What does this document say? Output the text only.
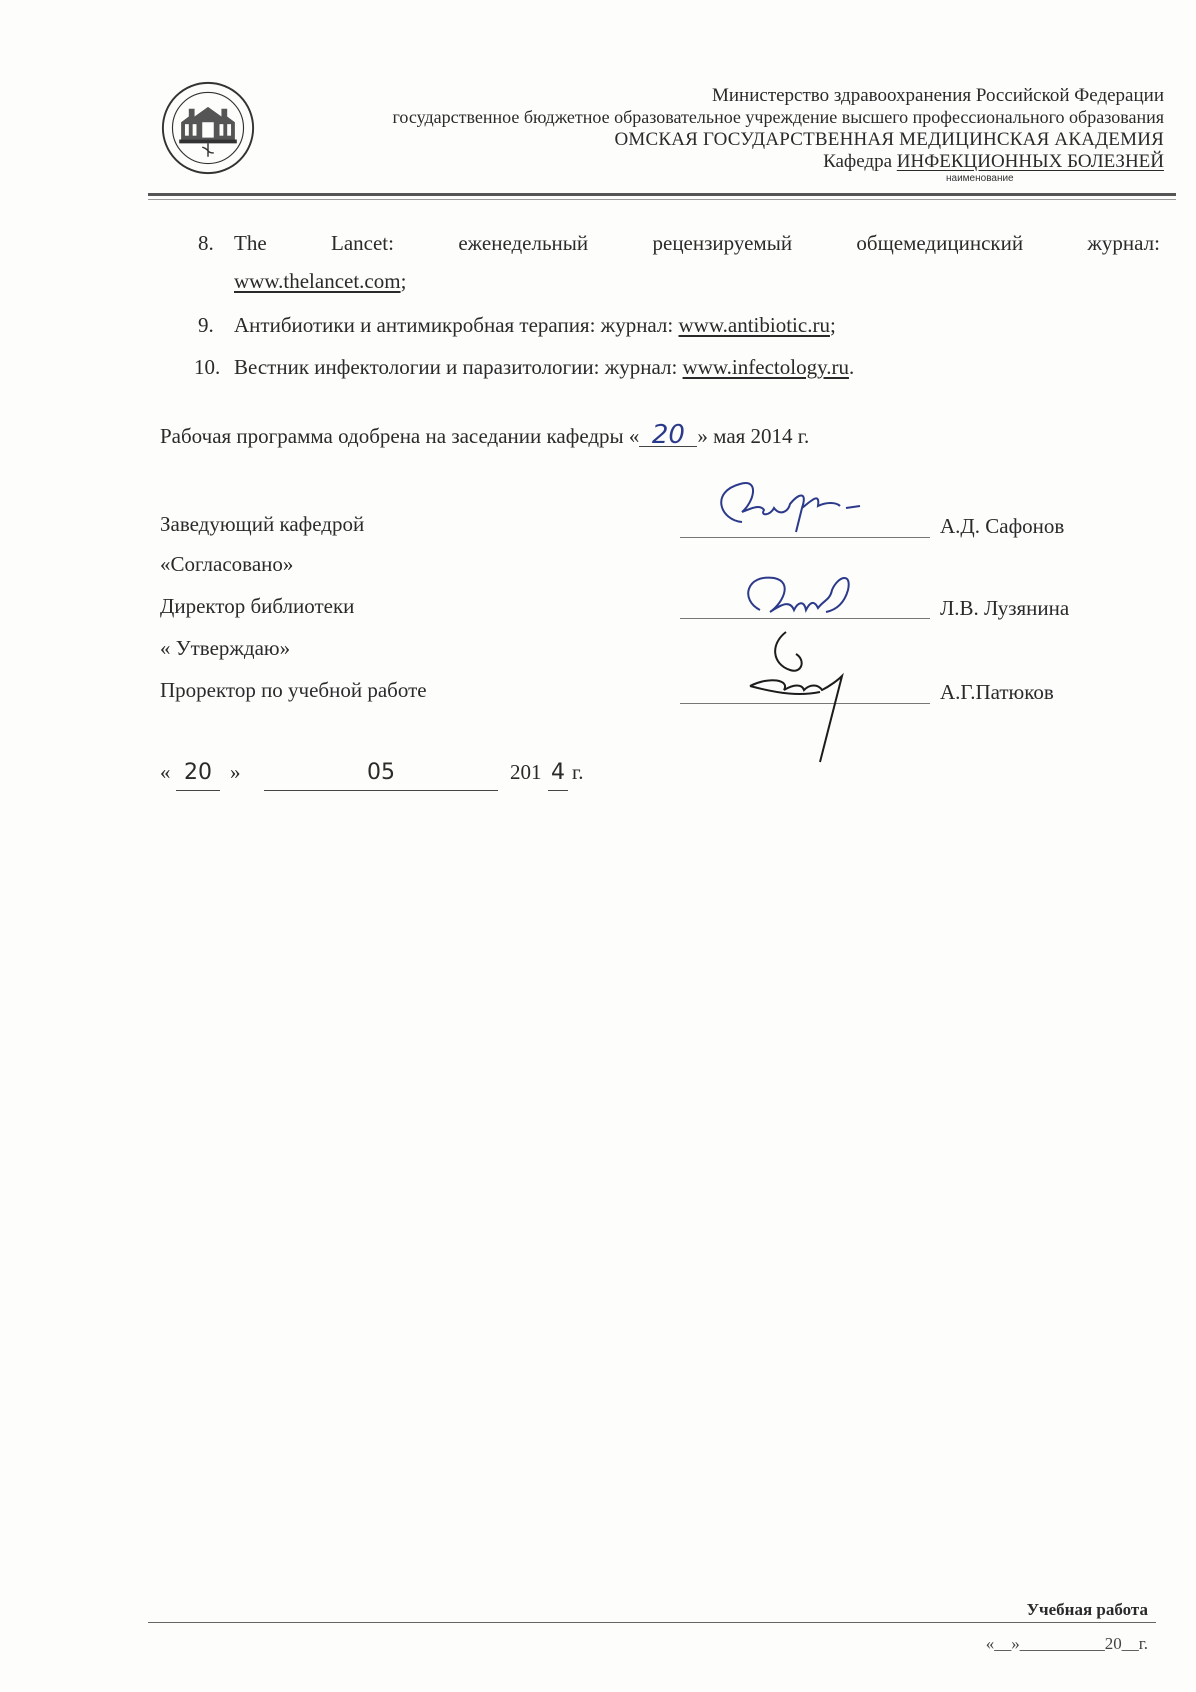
Министерство здравоохранения Российской Федерации
государственное бюджетное образовательное учреждение высшего профессионального образования
ОМСКАЯ ГОСУДАРСТВЕННАЯ МЕДИЦИНСКАЯ АКАДЕМИЯ
Кафедра ИНФЕКЦИОННЫХ БОЛЕЗНЕЙ
наименование
8. The Lancet: еженедельный рецензируемый общемедицинский журнал:
www.thelancet.com;
9. Антибиотики и антимикробная терапия: журнал: www.antibiotic.ru;
10. Вестник инфектологии и паразитологии: журнал: www.infectology.ru.
Рабочая программа одобрена на заседании кафедры « 20 » мая 2014 г.
Заведующий кафедрой	А.Д. Сафонов
«Согласовано»
Директор библиотеки	Л.В. Лузянина
« Утверждаю»
Проректор по учебной работе	А.Г.Патюков
« 20 »	05	201 4 г.
Учебная работа
«__»__________20__г.
